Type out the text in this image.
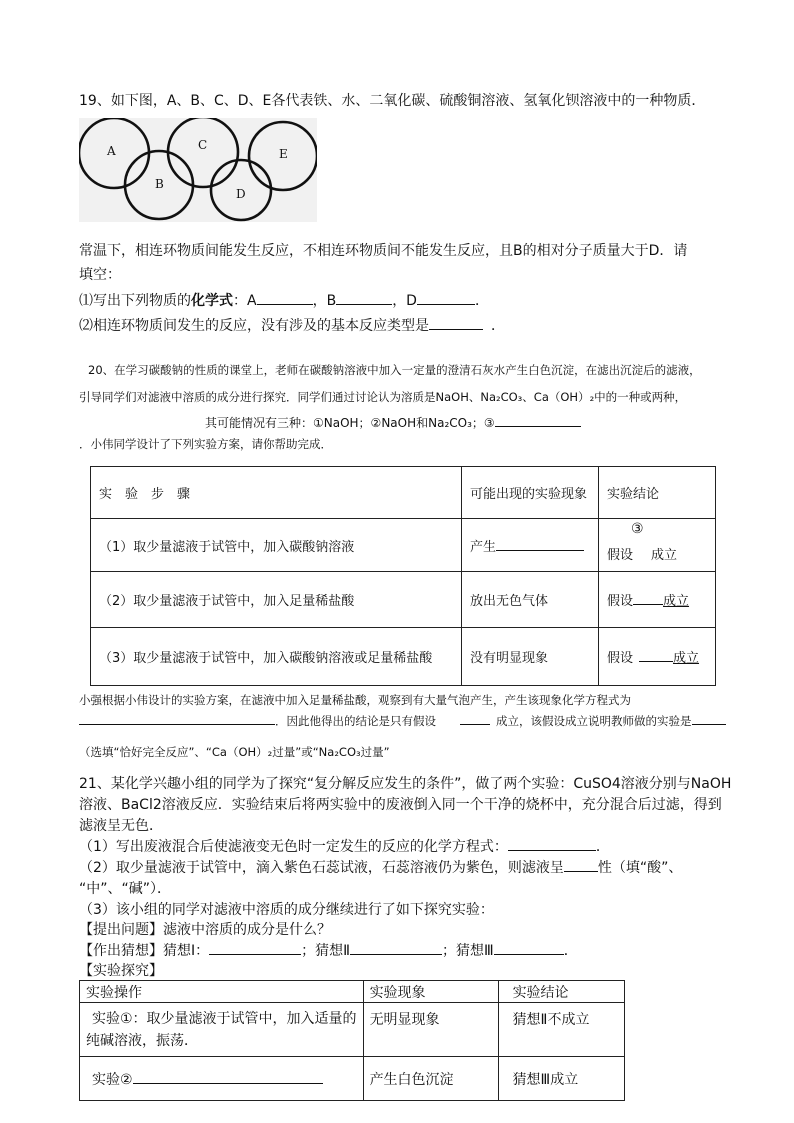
19、如下图，A、B、C、D、E各代表铁、水、二氧化碳、硫酸铜溶液、氢氧化钡溶液中的一种物质．
A	C
E
B
D
常温下，相连环物质间能发生反应，不相连环物质间不能发生反应，且B的相对分子质量大于D．请
填空：
⑴写出下列物质的化学式：A	，B	，D	．
⑵相连环物质间发生的反应，没有涉及的基本反应类型是	．
20、在学习碳酸钠的性质的课堂上，老师在碳酸钠溶液中加入一定量的澄清石灰水产生白色沉淀，在滤出沉淀后的滤液，
引导同学们对滤液中溶质的成分进行探究．同学们通过讨论认为溶质是NaOH、Na₂CO₃、Ca（OH）₂中的一种或两种，
其可能情况有三种：①NaOH；②NaOH和Na₂CO₃；③
．小伟同学设计了下列实验方案，请你帮助完成．
实　验　步　骤	可能出现的实验现象	实验结论
（1）取少量滤液于试管中，加入碳酸钠溶液	产生	③
假设 成立

（2）取少量滤液于试管中，加入足量稀盐酸	放出无色气体	假设 成立
（3）取少量滤液于试管中，加入碳酸钠溶液或足量稀盐酸	没有明显现象	假设 成立
小强根据小伟设计的实验方案，在滤液中加入足量稀盐酸，观察到有大量气泡产生，产生该现象化学方程式为
．因此他得出的结论是只有假设	成立，该假设成立说明教师做的实验是
（选填“恰好完全反应”、“Ca（OH）₂过量”或“Na₂CO₃过量”
21、某化学兴趣小组的同学为了探究“复分解反应发生的条件”，做了两个实验：CuSO4溶液分别与NaOH
溶液、BaCl2溶液反应．实验结束后将两实验中的废液倒入同一个干净的烧杯中，充分混合后过滤，得到
滤液呈无色．
（1）写出废液混合后使滤液变无色时一定发生的反应的化学方程式：	．
（2）取少量滤液于试管中，滴入紫色石蕊试液，石蕊溶液仍为紫色，则滤液呈 性（填“酸”、
“中”、“碱”）．
（3）该小组的同学对滤液中溶质的成分继续进行了如下探究实验：
【提出问题】滤液中溶质的成分是什么？
【作出猜想】猜想Ⅰ：	；猜想Ⅱ	；猜想Ⅲ	．
【实验探究】
实验操作	实验现象	实验结论

实验①：取少量滤液于试管中，加入适量的
纯碱溶液，振荡．	无明显现象	猜想Ⅱ不成立
实验②	产生白色沉淀	猜想Ⅲ成立
